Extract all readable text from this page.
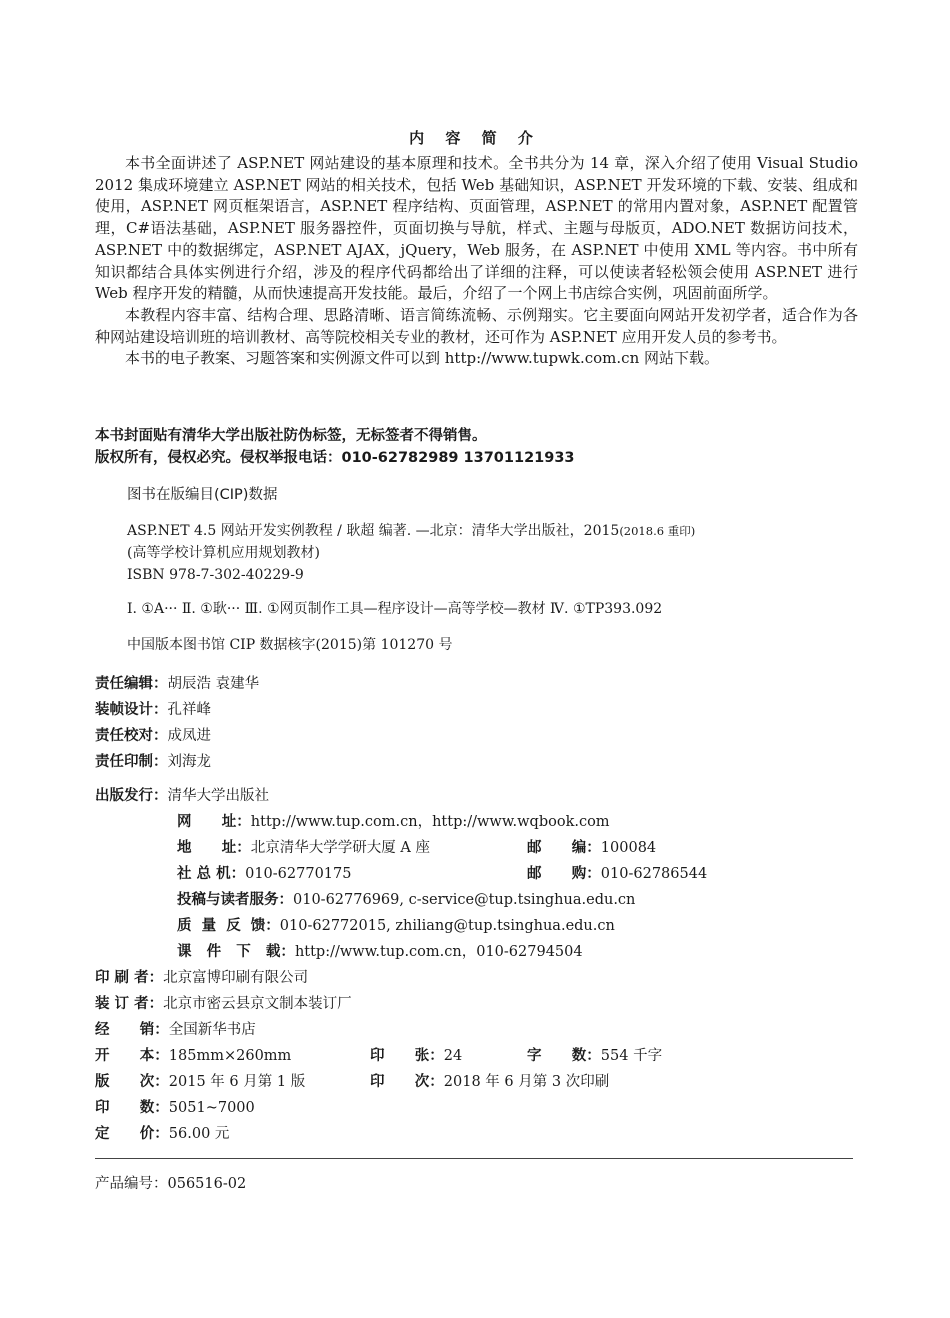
内 容 简 介

本书全面讲述了 ASP.NET 网站建设的基本原理和技术。全书共分为 14 章，深入介绍了使用 Visual Studio 2012 集成环境建立 ASP.NET 网站的相关技术，包括 Web 基础知识，ASP.NET 开发环境的下载、安装、组成和使用，ASP.NET 网页框架语言，ASP.NET 程序结构、页面管理，ASP.NET 的常用内置对象，ASP.NET 配置管理，C#语法基础，ASP.NET 服务器控件，页面切换与导航，样式、主题与母版页，ADO.NET 数据访问技术，ASP.NET 中的数据绑定，ASP.NET AJAX，jQuery，Web 服务，在 ASP.NET 中使用 XML 等内容。书中所有知识都结合具体实例进行介绍，涉及的程序代码都给出了详细的注释，可以使读者轻松领会使用 ASP.NET 进行 Web 程序开发的精髓，从而快速提高开发技能。最后，介绍了一个网上书店综合实例，巩固前面所学。

本教程内容丰富、结构合理、思路清晰、语言简练流畅、示例翔实。它主要面向网站开发初学者，适合作为各种网站建设培训班的培训教材、高等院校相关专业的教材，还可作为 ASP.NET 应用开发人员的参考书。

本书的电子教案、习题答案和实例源文件可以到 http://www.tupwk.com.cn 网站下载。

本书封面贴有清华大学出版社防伪标签，无标签者不得销售。
版权所有，侵权必究。侵权举报电话：010-62782989 13701121933
图书在版编目(CIP)数据
ASP.NET 4.5 网站开发实例教程 / 耿超 编著. —北京：清华大学出版社，2015(2018.6 重印)
(高等学校计算机应用规划教材)
ISBN 978-7-302-40229-9
Ⅰ. ①A··· Ⅱ. ①耿··· Ⅲ. ①网页制作工具—程序设计—高等学校—教材 Ⅳ. ①TP393.092
中国版本图书馆 CIP 数据核字(2015)第 101270 号
责任编辑：胡辰浩 袁建华
装帧设计：孔祥峰
责任校对：成凤进
责任印制：刘海龙
出版发行：清华大学出版社
网      址：http://www.tup.com.cn，http://www.wqbook.com
地      址：北京清华大学学研大厦 A 座	邮      编：100084
社 总 机：010-62770175	邮      购：010-62786544
投稿与读者服务：010-62776969, c-service@tup.tsinghua.edu.cn
质  量  反  馈：010-62772015, zhiliang@tup.tsinghua.edu.cn
课   件   下   载：http://www.tup.com.cn，010-62794504
印 刷 者：北京富博印刷有限公司
装 订 者：北京市密云县京文制本装订厂
经      销：全国新华书店
开      本：185mm×260mm	印      张：24	字      数：554 千字
版      次：2015 年 6 月第 1 版	印      次：2018 年 6 月第 3 次印刷
印      数：5051~7000
定      价：56.00 元
产品编号：056516-02
